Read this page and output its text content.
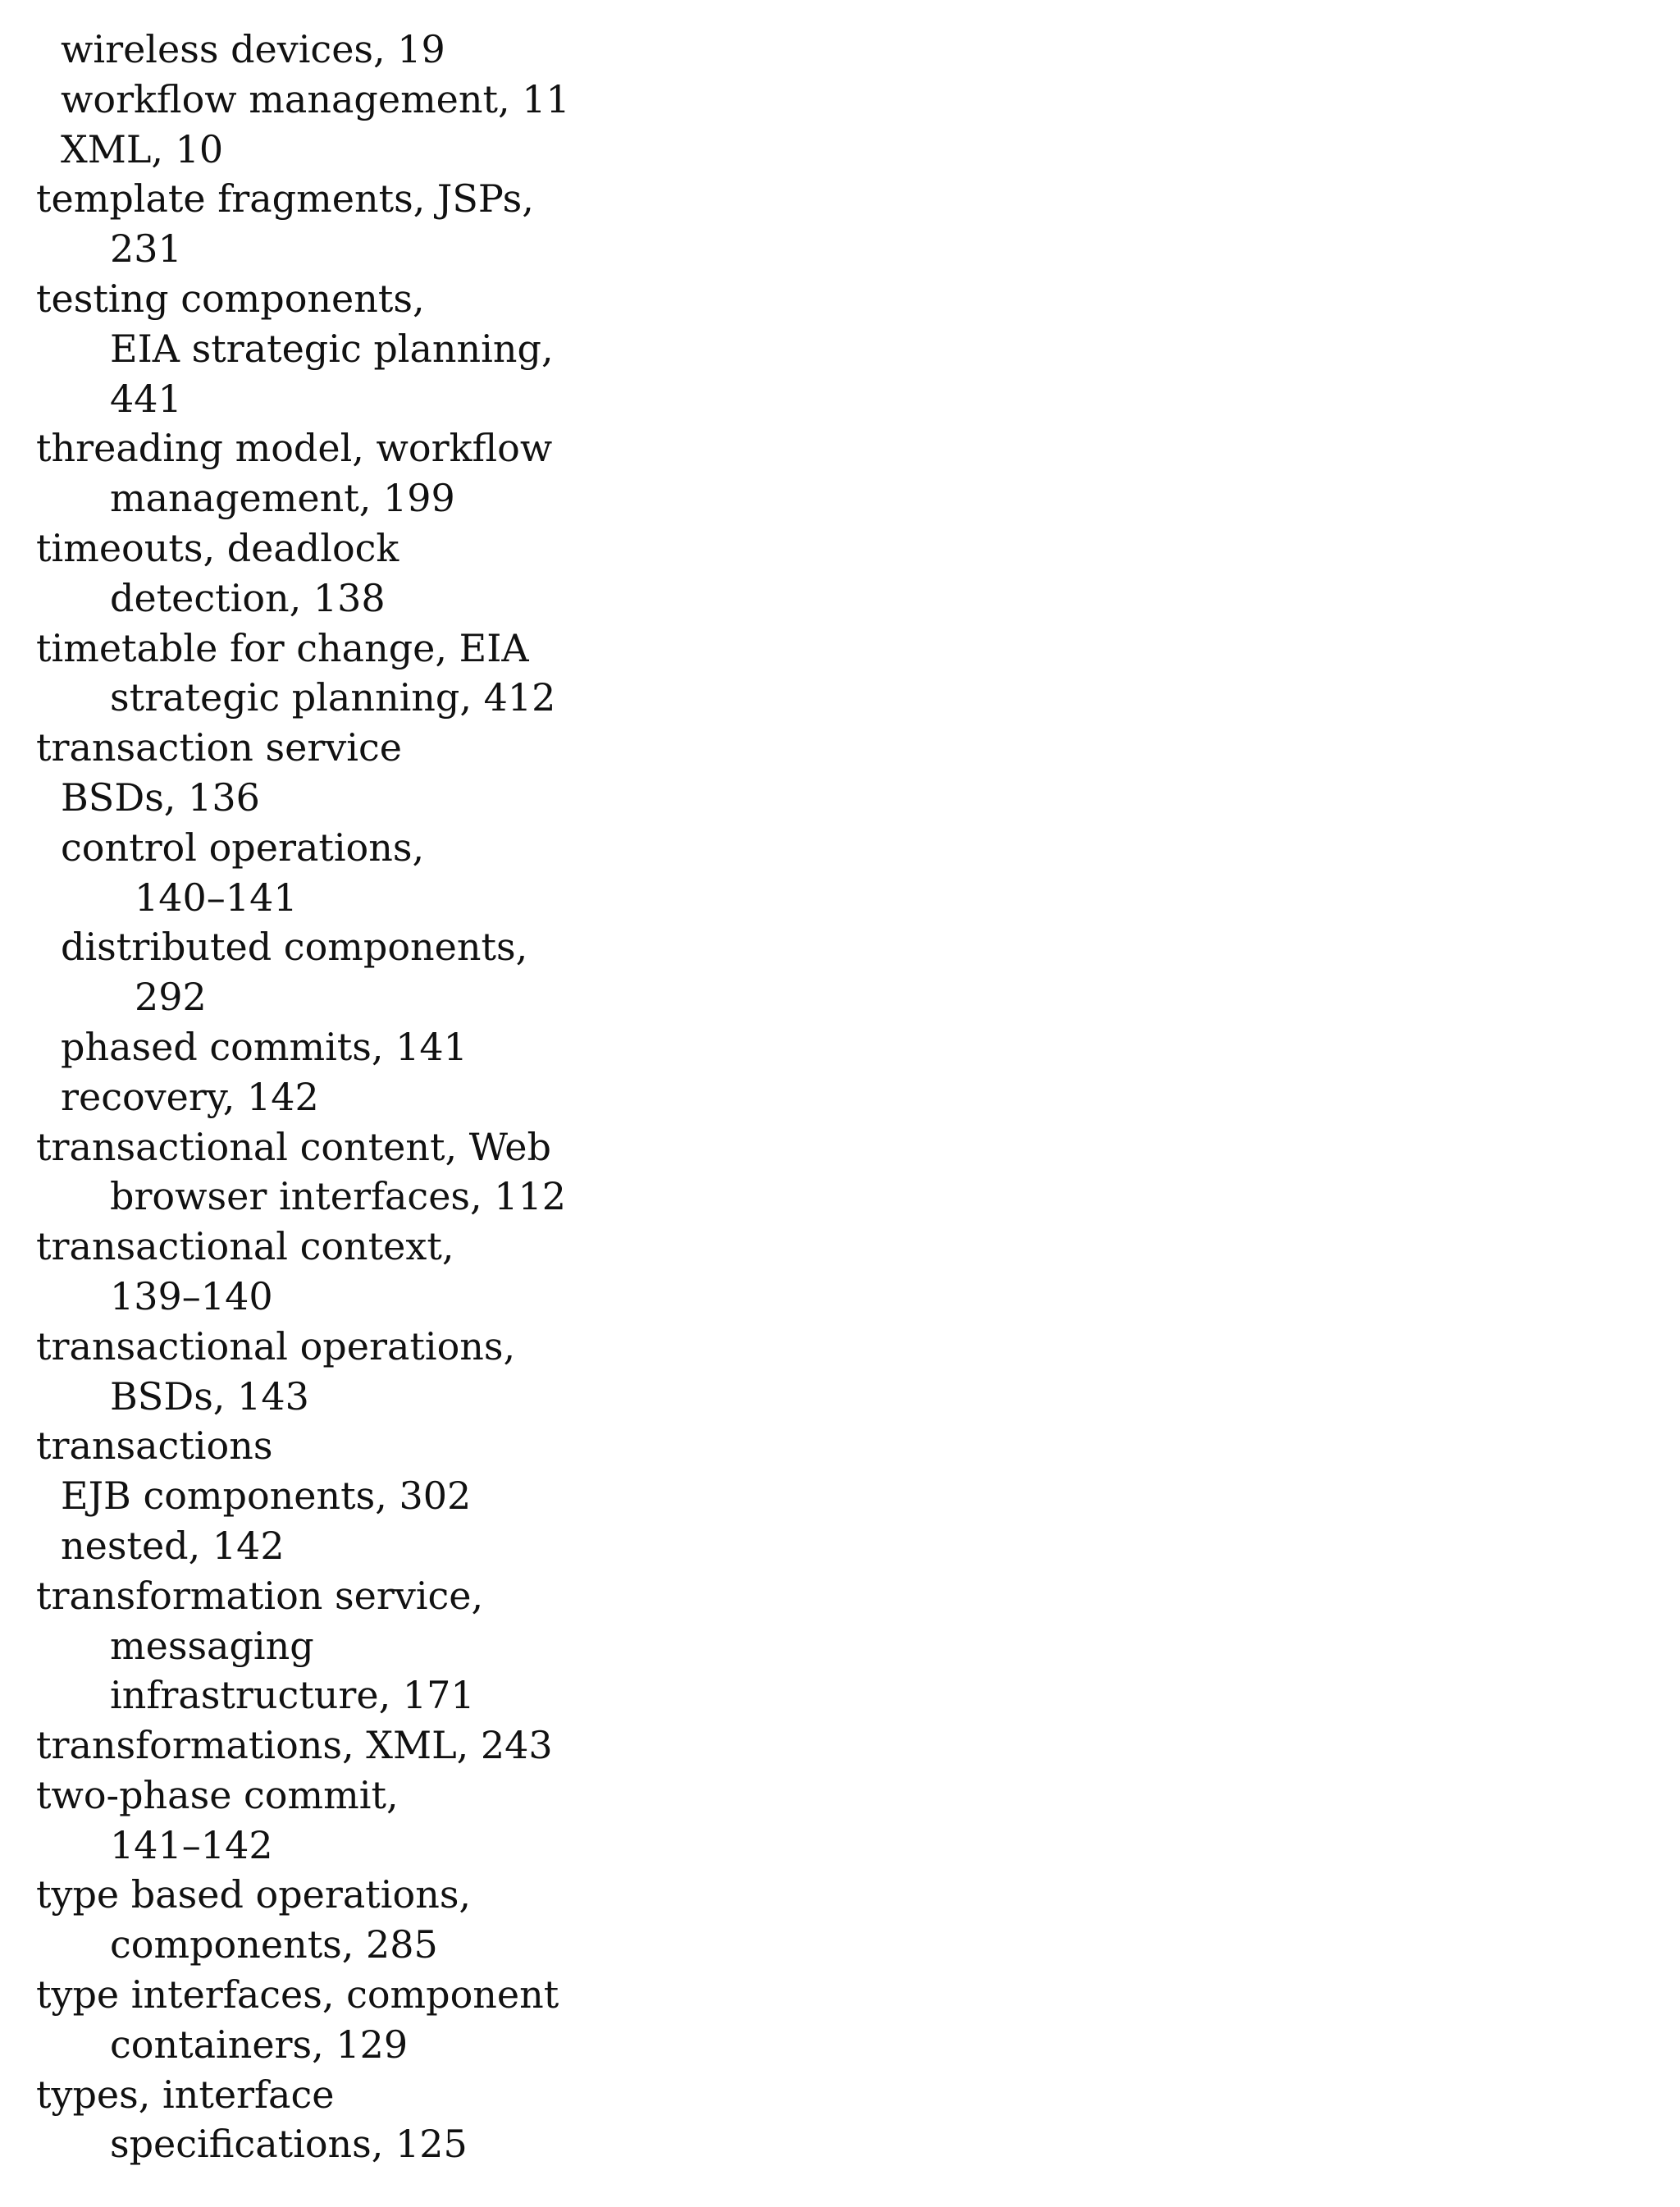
wireless devices, 19
workflow management, 11
XML, 10
template fragments, JSPs,
231
testing components,
EIA strategic planning,
441
threading model, workflow
management, 199
timeouts, deadlock
detection, 138
timetable for change, EIA
strategic planning, 412
transaction service
BSDs, 136
control operations,
140–141
distributed components,
292
phased commits, 141
recovery, 142
transactional content, Web
browser interfaces, 112
transactional context,
139–140
transactional operations,
BSDs, 143
transactions
EJB components, 302
nested, 142
transformation service,
messaging
infrastructure, 171
transformations, XML, 243
two-phase commit,
141–142
type based operations,
components, 285
type interfaces, component
containers, 129
types, interface
specifications, 125
